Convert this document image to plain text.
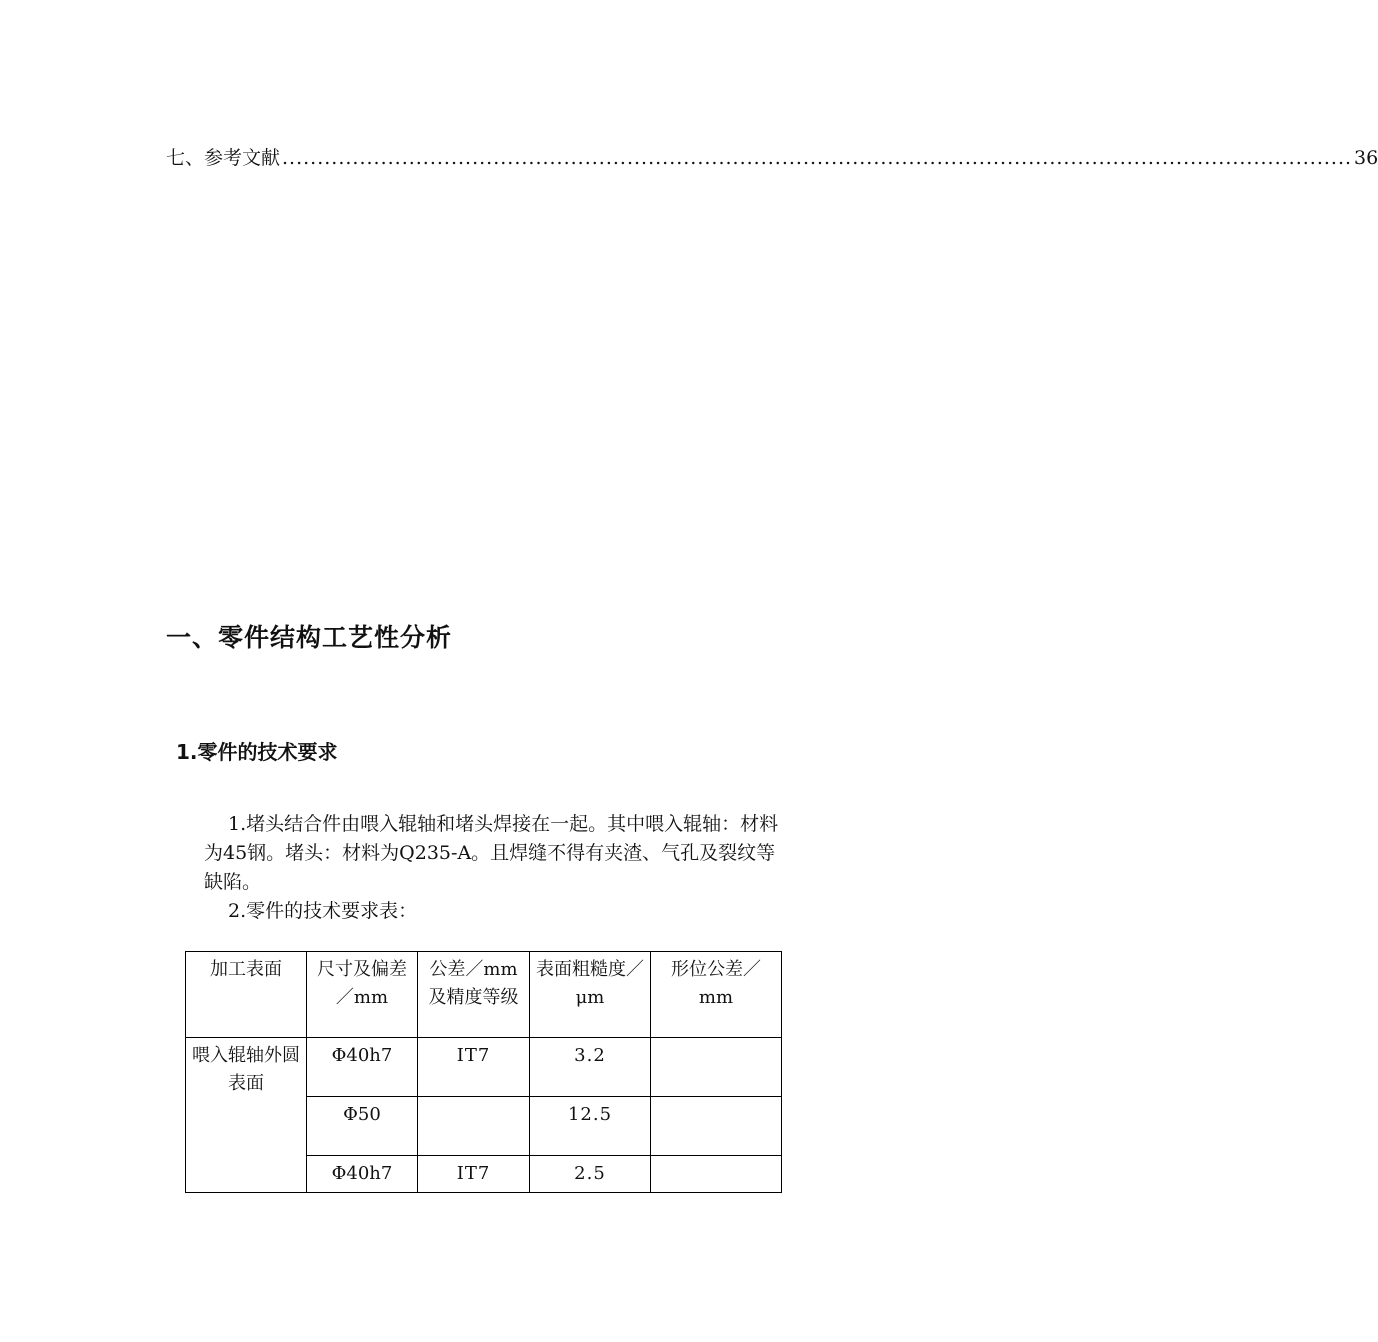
七、参考文献 ........................................................................................................................................................ 36
一、零件结构工艺性分析
1.零件的技术要求
1.堵头结合件由喂入辊轴和堵头焊接在一起。其中喂入辊轴：材料为45钢。堵头：材料为Q235-A。且焊缝不得有夹渣、气孔及裂纹等缺陷。
2.零件的技术要求表：
加工表面	尺寸及偏差／mm	公差／mm及精度等级	表面粗糙度／ μm	形位公差／mm
喂入辊轴外圆表面	Φ40h7	IT7	3.2	
	Φ50		12.5	
	Φ40h7	IT7	2.5	
